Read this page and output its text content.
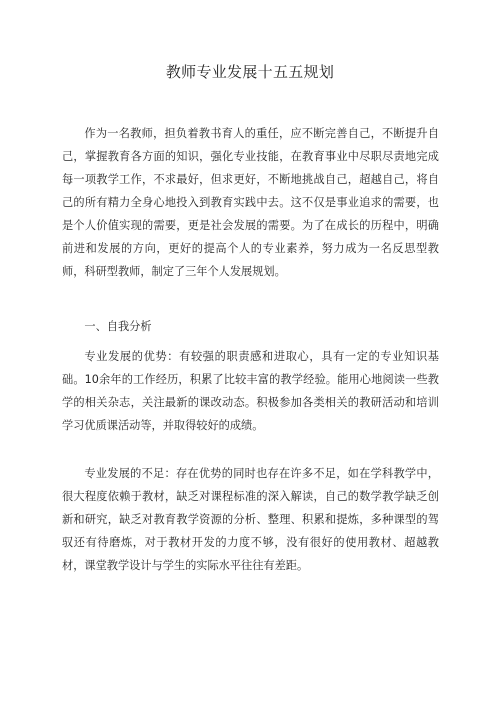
教师专业发展十五五规划

作为一名教师，担负着教书育人的重任，应不断完善自己，不断提升自己，掌握教育各方面的知识，强化专业技能，在教育事业中尽职尽责地完成每一项教学工作，不求最好，但求更好，不断地挑战自己，超越自己，将自己的所有精力全身心地投入到教育实践中去。这不仅是事业追求的需要，也是个人价值实现的需要，更是社会发展的需要。为了在成长的历程中，明确前进和发展的方向，更好的提高个人的专业素养，努力成为一名反思型教师，科研型教师，制定了三年个人发展规划。

一、自我分析

专业发展的优势：有较强的职责感和进取心，具有一定的专业知识基础。10余年的工作经历，积累了比较丰富的教学经验。能用心地阅读一些教学的相关杂志，关注最新的课改动态。积极参加各类相关的教研活动和培训学习优质课活动等，并取得较好的成绩。

专业发展的不足：存在优势的同时也存在许多不足，如在学科教学中，很大程度依赖于教材，缺乏对课程标准的深入解读，自己的数学教学缺乏创新和研究，缺乏对教育教学资源的分析、整理、积累和提炼，多种课型的驾驭还有待磨炼，对于教材开发的力度不够，没有很好的使用教材、超越教材，课堂教学设计与学生的实际水平往往有差距。
